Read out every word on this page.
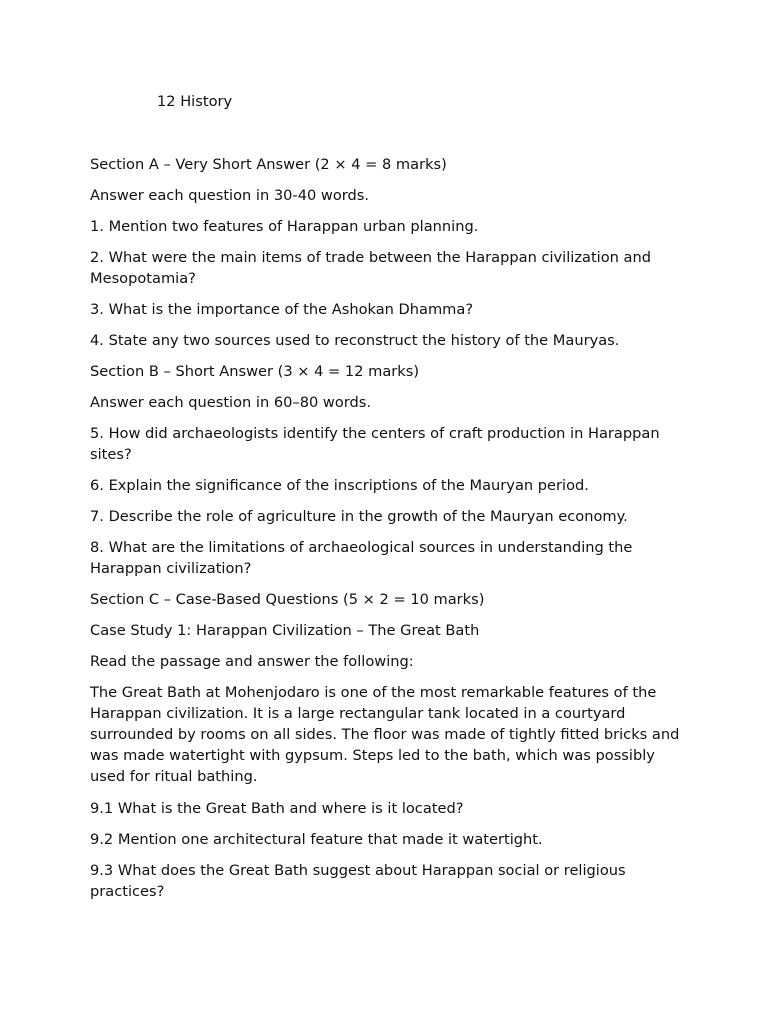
12 History

Section A – Very Short Answer (2 × 4 = 8 marks)

Answer each question in 30-40 words.

1. Mention two features of Harappan urban planning.

2. What were the main items of trade between the Harappan civilization and Mesopotamia?

3. What is the importance of the Ashokan Dhamma?

4. State any two sources used to reconstruct the history of the Mauryas.

Section B – Short Answer (3 × 4 = 12 marks)

Answer each question in 60–80 words.

5. How did archaeologists identify the centers of craft production in Harappan sites?

6. Explain the significance of the inscriptions of the Mauryan period.

7. Describe the role of agriculture in the growth of the Mauryan economy.

8. What are the limitations of archaeological sources in understanding the Harappan civilization?

Section C – Case-Based Questions (5 × 2 = 10 marks)

Case Study 1: Harappan Civilization – The Great Bath

Read the passage and answer the following:

The Great Bath at Mohenjodaro is one of the most remarkable features of the Harappan civilization. It is a large rectangular tank located in a courtyard surrounded by rooms on all sides. The floor was made of tightly fitted bricks and was made watertight with gypsum. Steps led to the bath, which was possibly used for ritual bathing.

9.1 What is the Great Bath and where is it located?

9.2 Mention one architectural feature that made it watertight.

9.3 What does the Great Bath suggest about Harappan social or religious practices?
